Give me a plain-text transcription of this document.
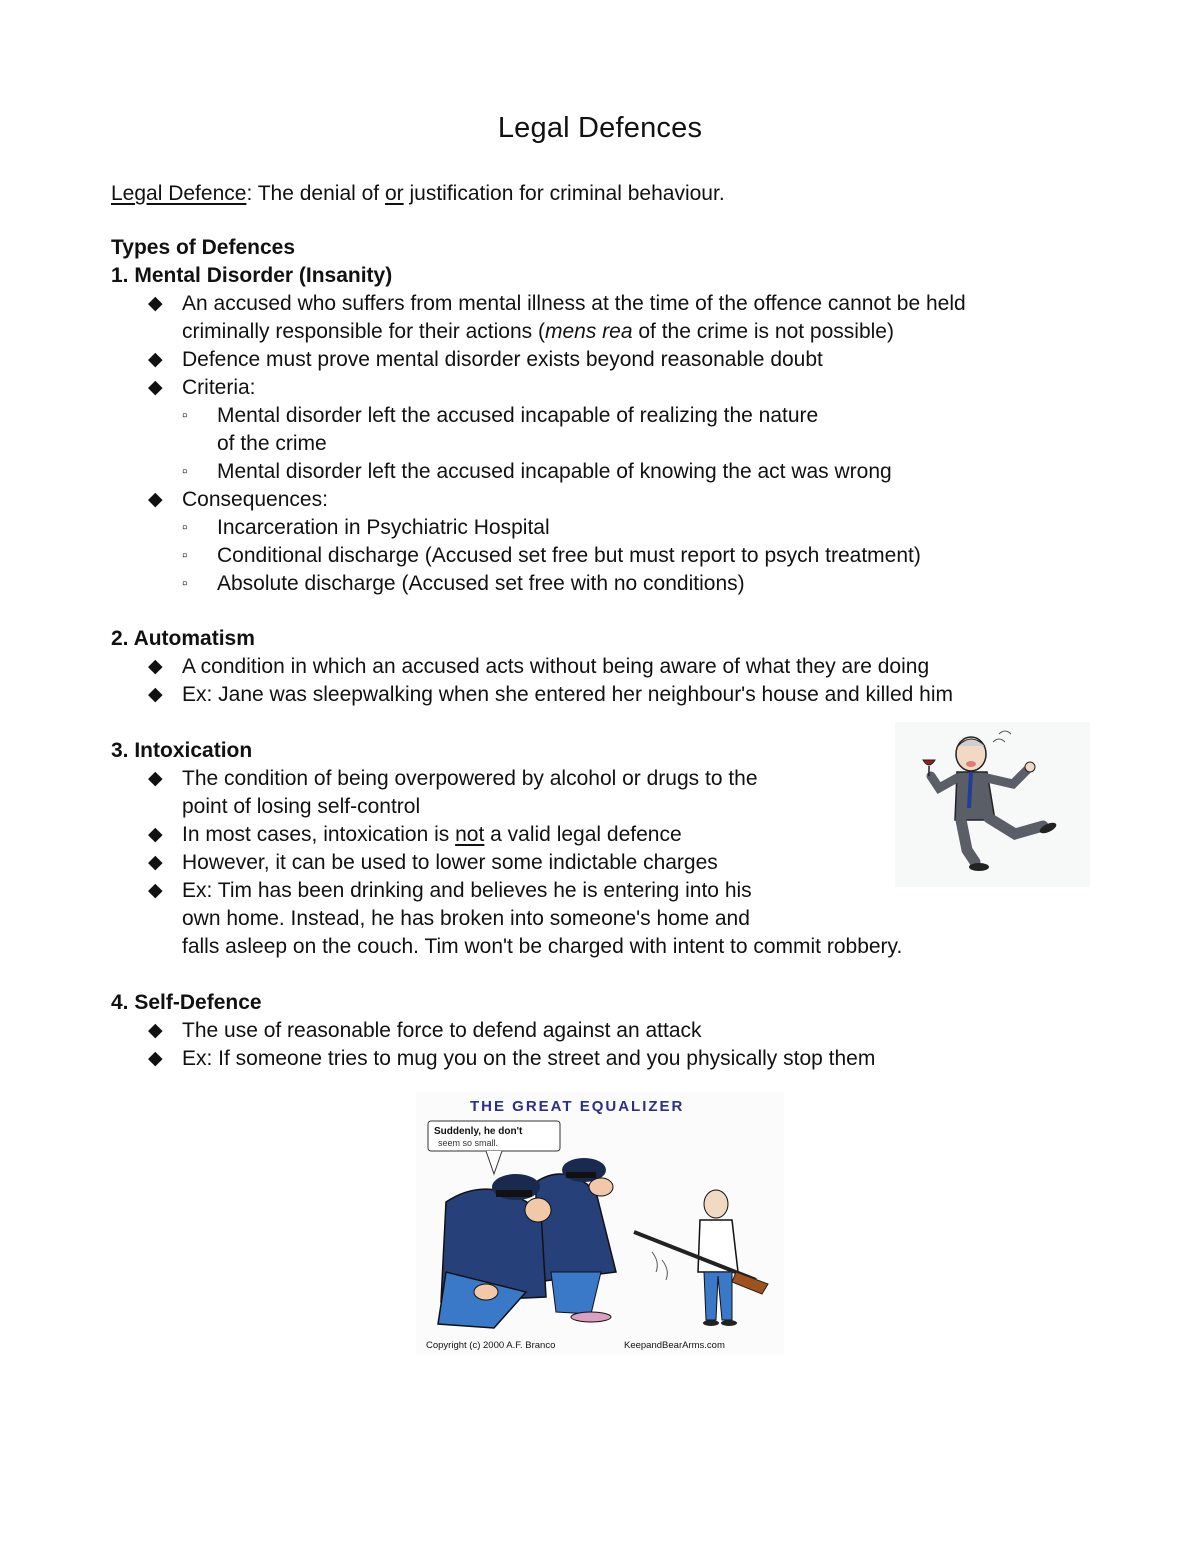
Legal Defences
Legal Defence: The denial of or justification for criminal behaviour.
Types of Defences
1. Mental Disorder (Insanity)
◆ An accused who suffers from mental illness at the time of the offence cannot be held
criminally responsible for their actions (mens rea of the crime is not possible)
◆ Defence must prove mental disorder exists beyond reasonable doubt
◆ Criteria:
▫	Mental disorder left the accused incapable of realizing the nature
of the crime
▫	Mental disorder left the accused incapable of knowing the act was wrong
◆ Consequences:
▫	Incarceration in Psychiatric Hospital
▫	Conditional discharge (Accused set free but must report to psych treatment)
▫	Absolute discharge (Accused set free with no conditions)
2. Automatism
◆ A condition in which an accused acts without being aware of what they are doing
◆ Ex: Jane was sleepwalking when she entered her neighbour's house and killed him
3. Intoxication
◆ The condition of being overpowered by alcohol or drugs to the
point of losing self-control
◆ In most cases, intoxication is not a valid legal defence
◆ However, it can be used to lower some indictable charges
◆ Ex: Tim has been drinking and believes he is entering into his
own home. Instead, he has broken into someone's home and
falls asleep on the couch. Tim won't be charged with intent to commit robbery.
4. Self-Defence
◆ The use of reasonable force to defend against an attack
◆ Ex: If someone tries to mug you on the street and you physically stop them
THE GREAT EQUALIZER
Suddenly, he don't
seem so small.
Copyright (c) 2000 A.F. Branco	KeepandBearArms.com
